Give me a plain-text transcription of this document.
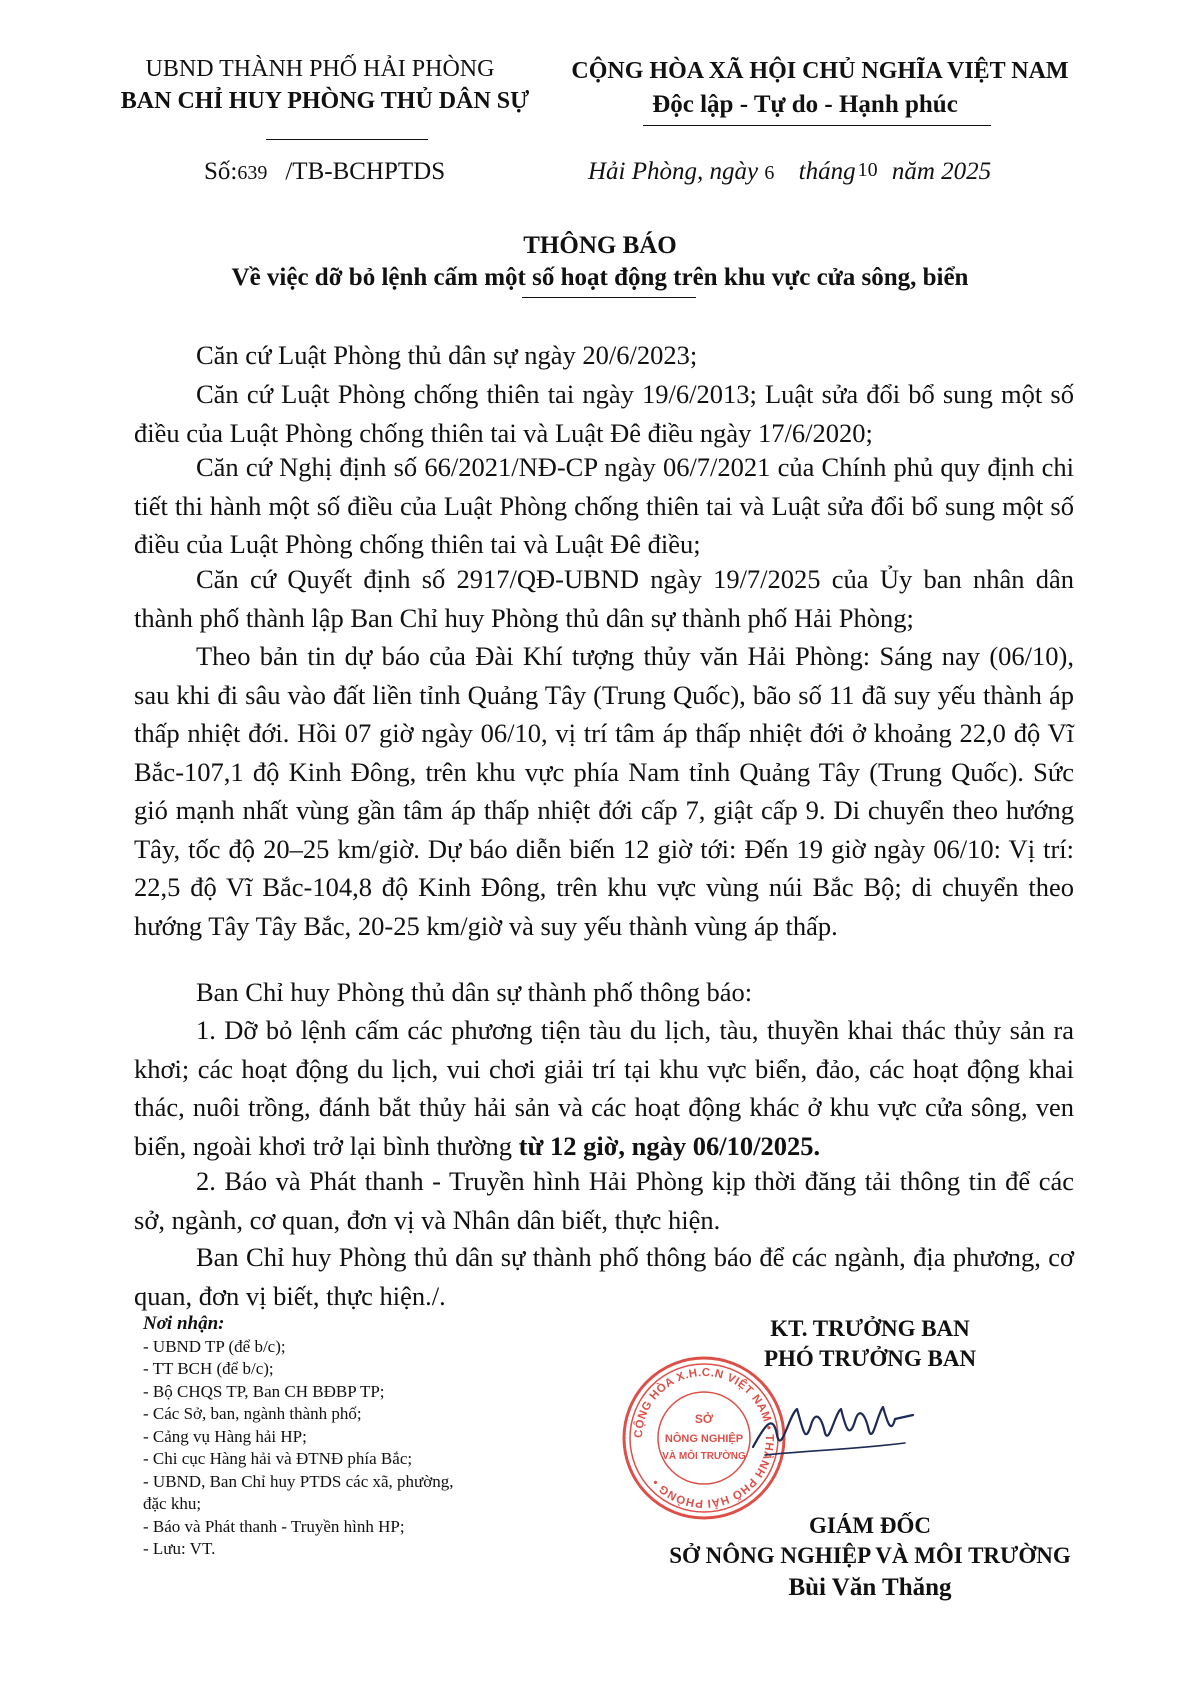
UBND THÀNH PHỐ HẢI PHÒNG
BAN CHỈ HUY PHÒNG THỦ DÂN SỰ
CỘNG HÒA XÃ HỘI CHỦ NGHĨA VIỆT NAM
Độc lập - Tự do - Hạnh phúc
Số:639 /TB-BCHPTDS	Hải Phòng, ngày 6 tháng 10 năm 2025
THÔNG BÁO
Về việc dỡ bỏ lệnh cấm một số hoạt động trên khu vực cửa sông, biển
Căn cứ Luật Phòng thủ dân sự ngày 20/6/2023;
Căn cứ Luật Phòng chống thiên tai ngày 19/6/2013; Luật sửa đổi bổ sung một số điều của Luật Phòng chống thiên tai và Luật Đê điều ngày 17/6/2020;
Căn cứ Nghị định số 66/2021/NĐ-CP ngày 06/7/2021 của Chính phủ quy định chi tiết thi hành một số điều của Luật Phòng chống thiên tai và Luật sửa đổi bổ sung một số điều của Luật Phòng chống thiên tai và Luật Đê điều;
Căn cứ Quyết định số 2917/QĐ-UBND ngày 19/7/2025 của Ủy ban nhân dân thành phố thành lập Ban Chỉ huy Phòng thủ dân sự thành phố Hải Phòng;
Theo bản tin dự báo của Đài Khí tượng thủy văn Hải Phòng: Sáng nay (06/10), sau khi đi sâu vào đất liền tỉnh Quảng Tây (Trung Quốc), bão số 11 đã suy yếu thành áp thấp nhiệt đới. Hồi 07 giờ ngày 06/10, vị trí tâm áp thấp nhiệt đới ở khoảng 22,0 độ Vĩ Bắc-107,1 độ Kinh Đông, trên khu vực phía Nam tỉnh Quảng Tây (Trung Quốc). Sức gió mạnh nhất vùng gần tâm áp thấp nhiệt đới cấp 7, giật cấp 9. Di chuyển theo hướng Tây, tốc độ 20–25 km/giờ. Dự báo diễn biến 12 giờ tới: Đến 19 giờ ngày 06/10: Vị trí: 22,5 độ Vĩ Bắc-104,8 độ Kinh Đông, trên khu vực vùng núi Bắc Bộ; di chuyển theo hướng Tây Tây Bắc, 20-25 km/giờ và suy yếu thành vùng áp thấp.
Ban Chỉ huy Phòng thủ dân sự thành phố thông báo:
1. Dỡ bỏ lệnh cấm các phương tiện tàu du lịch, tàu, thuyền khai thác thủy sản ra khơi; các hoạt động du lịch, vui chơi giải trí tại khu vực biển, đảo, các hoạt động khai thác, nuôi trồng, đánh bắt thủy hải sản và các hoạt động khác ở khu vực cửa sông, ven biển, ngoài khơi trở lại bình thường từ 12 giờ, ngày 06/10/2025.
2. Báo và Phát thanh - Truyền hình Hải Phòng kịp thời đăng tải thông tin để các sở, ngành, cơ quan, đơn vị và Nhân dân biết, thực hiện.
Ban Chỉ huy Phòng thủ dân sự thành phố thông báo để các ngành, địa phương, cơ quan, đơn vị biết, thực hiện./.
Nơi nhận:
- UBND TP (để b/c);
- TT BCH (để b/c);
- Bộ CHQS TP, Ban CH BĐBP TP;
- Các Sở, ban, ngành thành phố;
- Cảng vụ Hàng hải HP;
- Chi cục Hàng hải và ĐTNĐ phía Bắc;
- UBND, Ban Chỉ huy PTDS các xã, phường,
đặc khu;
- Báo và Phát thanh - Truyền hình HP;
- Lưu: VT.
KT. TRƯỞNG BAN
PHÓ TRƯỞNG BAN
CỘNG HÒA X.H.C.N VIỆT NAM • THÀNH PHỐ HẢI PHÒNG •
SỞ
NÔNG NGHIỆP
VÀ MÔI TRƯỜNG
GIÁM ĐỐC
SỞ NÔNG NGHIỆP VÀ MÔI TRƯỜNG
Bùi Văn Thăng
